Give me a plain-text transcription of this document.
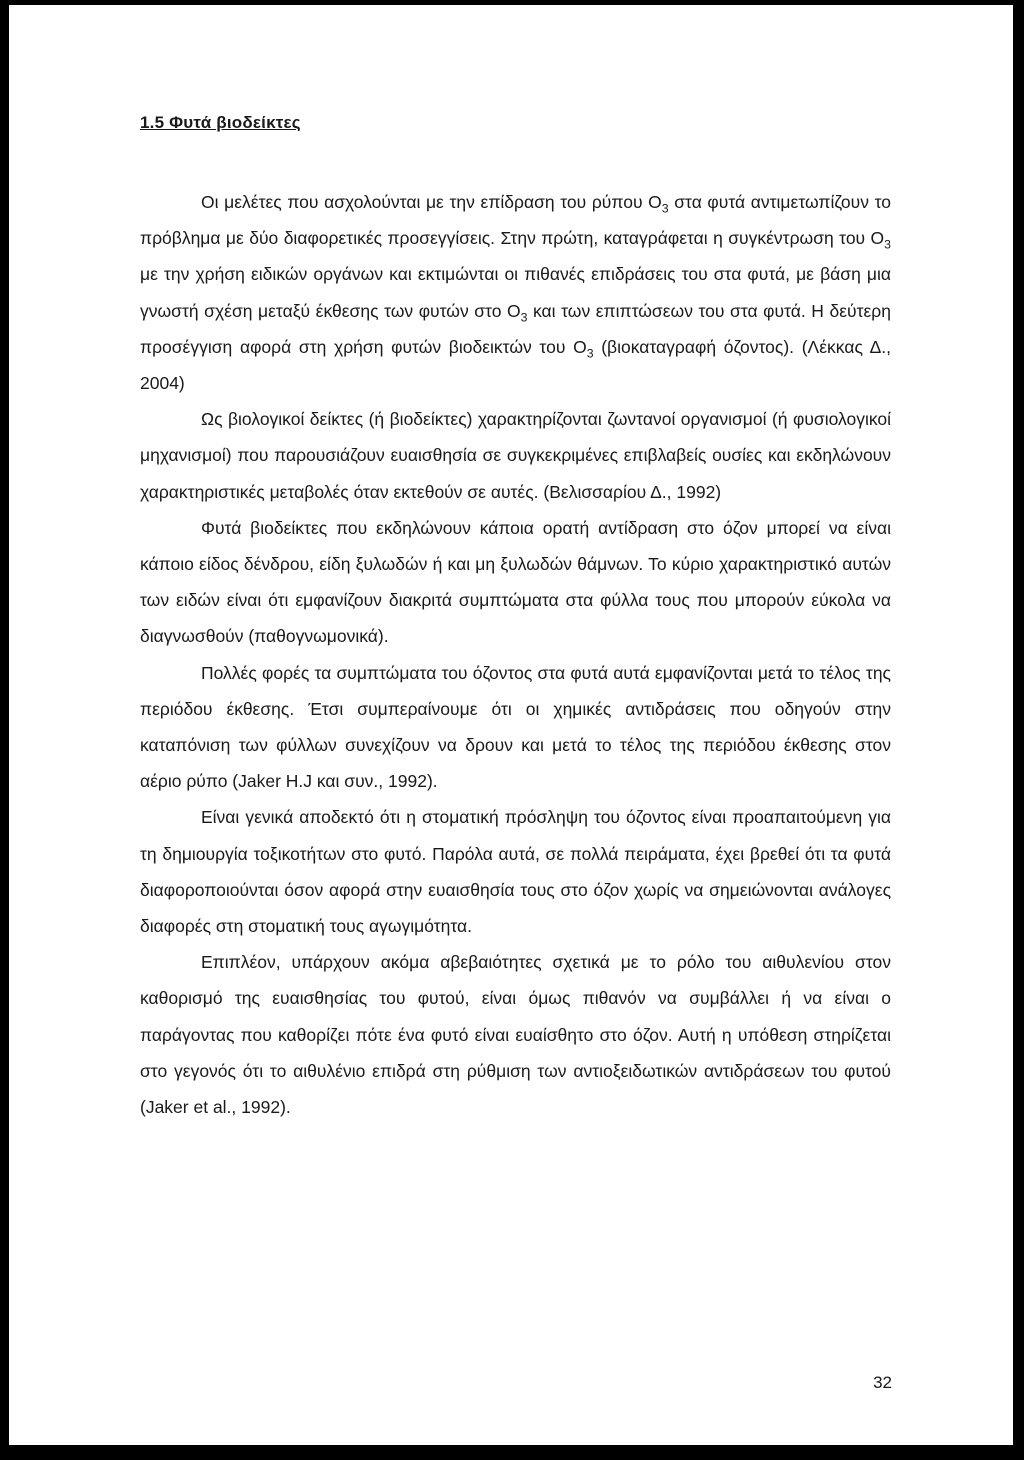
1.5 Φυτά βιοδείκτες

Οι μελέτες που ασχολούνται με την επίδραση του ρύπου $O_3$ στα φυτά αντιμετωπίζουν το πρόβλημα με δύο διαφορετικές προσεγγίσεις. Στην πρώτη, καταγράφεται η συγκέντρωση του $O_3$ με την χρήση ειδικών οργάνων και εκτιμώνται οι πιθανές επιδράσεις του στα φυτά, με βάση μια γνωστή σχέση μεταξύ έκθεσης των φυτών στο $O_3$ και των επιπτώσεων του στα φυτά. Η δεύτερη προσέγγιση αφορά στη χρήση φυτών βιοδεικτών του $O_3$ (βιοκαταγραφή όζοντος). (Λέκκας Δ., 2004)

Ως βιολογικοί δείκτες (ή βιοδείκτες) χαρακτηρίζονται ζωντανοί οργανισμοί (ή φυσιολογικοί μηχανισμοί) που παρουσιάζουν ευαισθησία σε συγκεκριμένες επιβλαβείς ουσίες και εκδηλώνουν χαρακτηριστικές μεταβολές όταν εκτεθούν σε αυτές. (Βελισσαρίου Δ., 1992)

Φυτά βιοδείκτες που εκδηλώνουν κάποια ορατή αντίδραση στο όζον μπορεί να είναι κάποιο είδος δένδρου, είδη ξυλωδών ή και μη ξυλωδών θάμνων. Το κύριο χαρακτηριστικό αυτών των ειδών είναι ότι εμφανίζουν διακριτά συμπτώματα στα φύλλα τους που μπορούν εύκολα να διαγνωσθούν (παθογνωμονικά).

Πολλές φορές τα συμπτώματα του όζοντος στα φυτά αυτά εμφανίζονται μετά το τέλος της περιόδου έκθεσης. Έτσι συμπεραίνουμε ότι οι χημικές αντιδράσεις που οδηγούν στην καταπόνιση των φύλλων συνεχίζουν να δρουν και μετά το τέλος της περιόδου έκθεσης στον αέριο ρύπο (Jaker H.J και συν., 1992).

Είναι γενικά αποδεκτό ότι η στοματική πρόσληψη του όζοντος είναι προαπαιτούμενη για τη δημιουργία τοξικοτήτων στο φυτό. Παρόλα αυτά, σε πολλά πειράματα, έχει βρεθεί ότι τα φυτά διαφοροποιούνται όσον αφορά στην ευαισθησία τους στο όζον χωρίς να σημειώνονται ανάλογες διαφορές στη στοματική τους αγωγιμότητα.

Επιπλέον, υπάρχουν ακόμα αβεβαιότητες σχετικά με το ρόλο του αιθυλενίου στον καθορισμό της ευαισθησίας του φυτού, είναι όμως πιθανόν να συμβάλλει ή να είναι ο παράγοντας που καθορίζει πότε ένα φυτό είναι ευαίσθητο στο όζον. Αυτή η υπόθεση στηρίζεται στο γεγονός ότι το αιθυλένιο επιδρά στη ρύθμιση των αντιοξειδωτικών αντιδράσεων του φυτού (Jaker et al., 1992).

32
